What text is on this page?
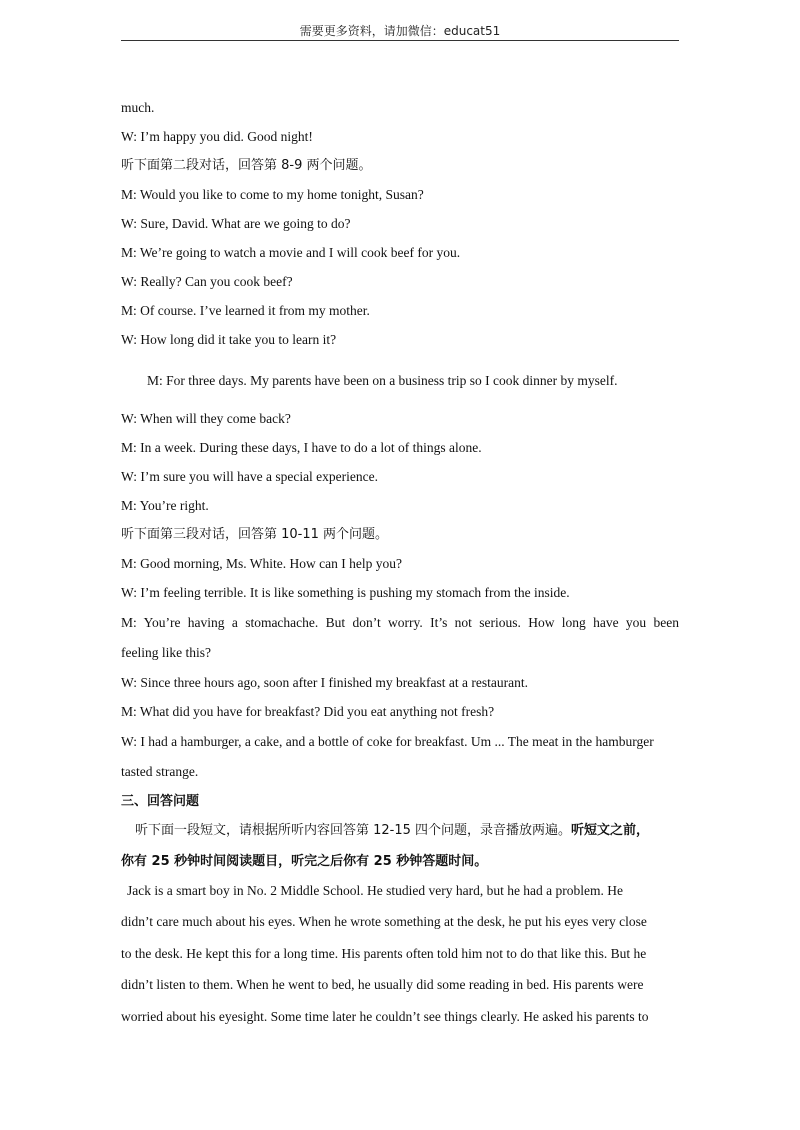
需要更多资料，请加微信：educat51
much.
W: I’m happy you did. Good night!
听下面第二段对话，回答第 8-9 两个问题。
M: Would you like to come to my home tonight, Susan?
W: Sure, David. What are we going to do?
M: We’re going to watch a movie and I will cook beef for you.
W: Really? Can you cook beef?
M: Of course. I’ve learned it from my mother.
W: How long did it take you to learn it?
M: For three days. My parents have been on a business trip so I cook dinner by myself.
W: When will they come back?
M: In a week. During these days, I have to do a lot of things alone.
W: I’m sure you will have a special experience.
M: You’re right.
听下面第三段对话，回答第 10-11 两个问题。
M: Good morning, Ms. White. How can I help you?
W: I’m feeling terrible. It is like something is pushing my stomach from the inside.
M: You’re having a stomachache. But don’t worry. It’s not serious. How long have you been
feeling like this?
W: Since three hours ago, soon after I finished my breakfast at a restaurant.
M: What did you have for breakfast? Did you eat anything not fresh?
W: I had a hamburger, a cake, and a bottle of coke for breakfast. Um ... The meat in the hamburger
tasted strange.
三、回答问题
听下面一段短文，请根据所听内容回答第 12-15 四个问题，录音播放两遍。听短文之前，
你有 25 秒钟时间阅读题目，听完之后你有 25 秒钟答题时间。
Jack is a smart boy in No. 2 Middle School. He studied very hard, but he had a problem. He
didn’t care much about his eyes. When he wrote something at the desk, he put his eyes very close
to the desk. He kept this for a long time. His parents often told him not to do that like this. But he
didn’t listen to them. When he went to bed, he usually did some reading in bed. His parents were
worried about his eyesight. Some time later he couldn’t see things clearly. He asked his parents to
